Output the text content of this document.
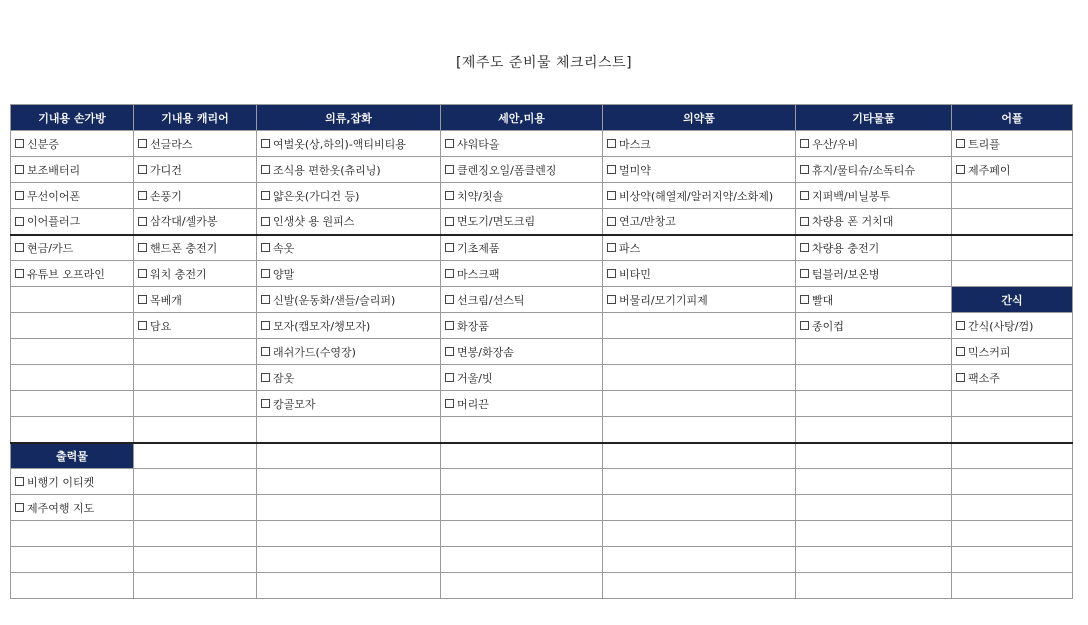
[제주도 준비물 체크리스트]
기내용 손가방	기내용 캐리어	의류,잡화	세안,미용	의약품	기타물품	어플

신분증	선글라스	여벌옷(상,하의)-액티비티용	샤워타올	마스크	우산/우비	트리플

보조배터리	가디건	조식용 편한옷(츄리닝)	클렌징오일/폼클렌징	멀미약	휴지/물티슈/소독티슈	제주페이

무선이어폰	손풍기	얇은옷(가디건 등)	치약/칫솔	비상약(해열제/알러지약/소화제)	지퍼백/비닐봉투	

이어플러그	삼각대/셀카봉	인생샷 용 원피스	면도기/면도크림	연고/반창고	차량용 폰 거치대	

현금/카드	핸드폰 충전기	속옷	기초제품	파스	차량용 충전기	

유튜브 오프라인	워치 충전기	양말	마스크팩	비타민	텀블러/보온병	

	목베개	신발(운동화/샌들/슬리퍼)	선크림/선스틱	버물리/모기기피제	빨대	간식

	담요	모자(캡모자/챙모자)	화장품		종이컵	간식(사탕/껌)

		래쉬가드(수영장)	면봉/화장솜			믹스커피

		잠옷	거울/빗			팩소주

		캉골모자	머리끈			

출력물						

비행기 이티켓						

제주여행 지도						
